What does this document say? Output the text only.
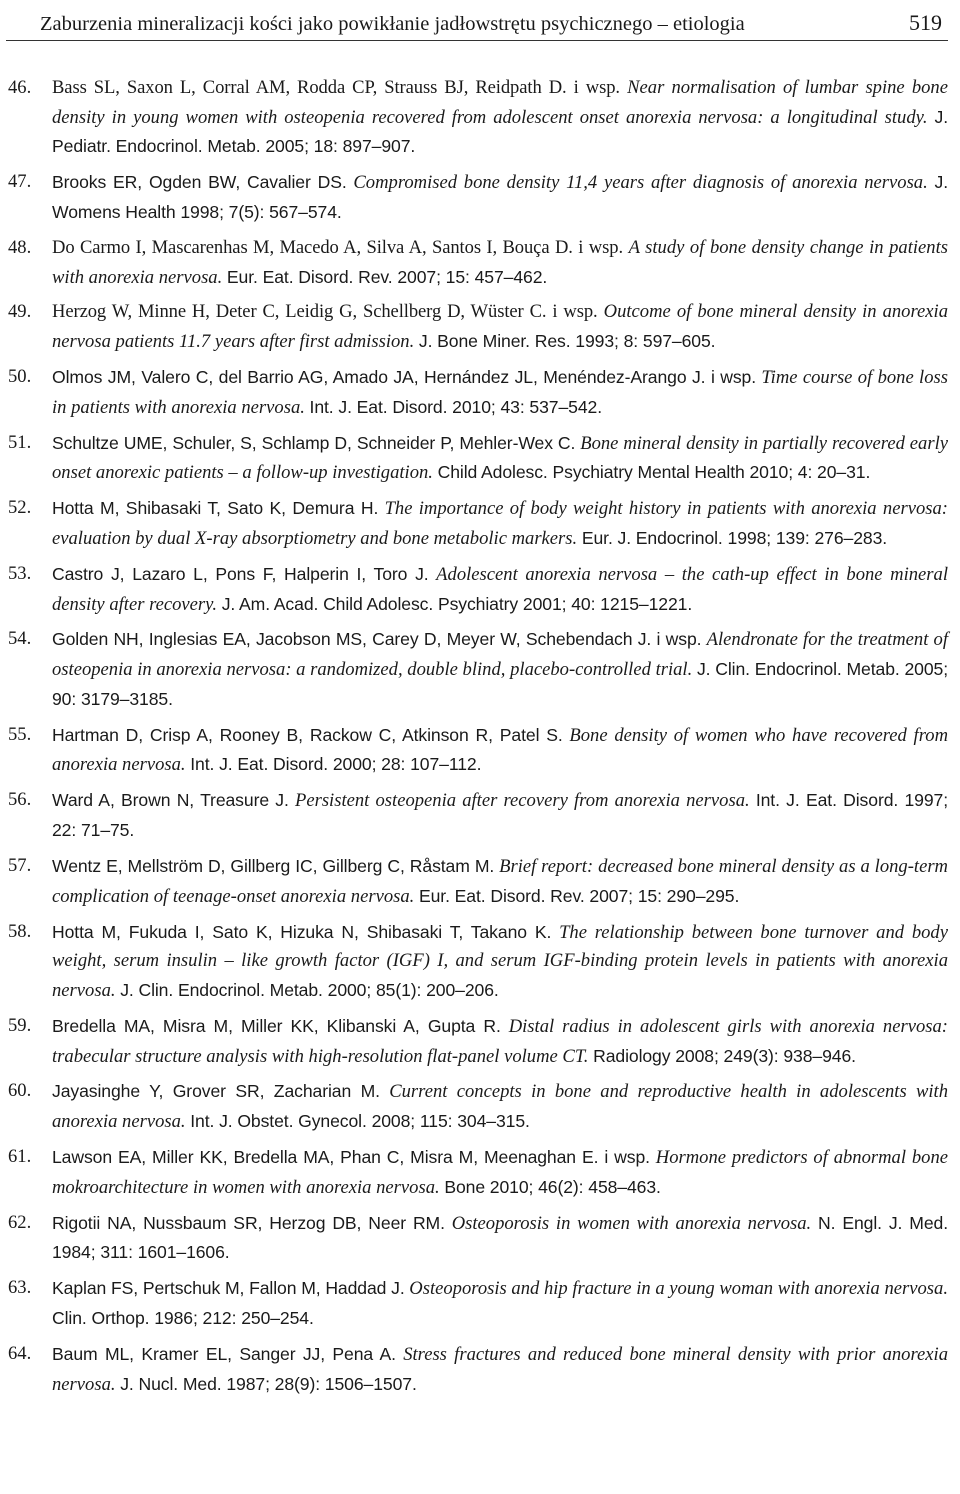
Zaburzenia mineralizacji kości jako powikłanie jadłowstrętu psychicznego – etiologia	519
46.	Bass SL, Saxon L, Corral AM, Rodda CP, Strauss BJ, Reidpath D. i wsp. Near normalisation of lumbar spine bone density in young women with osteopenia recovered from adolescent onset anorexia nervosa: a longitudinal study. J. Pediatr. Endocrinol. Metab. 2005; 18: 897–907.
47.	Brooks ER, Ogden BW, Cavalier DS. Compromised bone density 11,4 years after diagnosis of anorexia nervosa. J. Womens Health 1998; 7(5): 567–574.
48.	Do Carmo I, Mascarenhas M, Macedo A, Silva A, Santos I, Bouça D. i wsp. A study of bone density change in patients with anorexia nervosa. Eur. Eat. Disord. Rev. 2007; 15: 457–462.
49.	Herzog W, Minne H, Deter C, Leidig G, Schellberg D, Wüster C. i wsp. Outcome of bone mineral density in anorexia nervosa patients 11.7 years after first admission. J. Bone Miner. Res. 1993; 8: 597–605.
50.	Olmos JM, Valero C, del Barrio AG, Amado JA, Hernández JL, Menéndez-Arango J. i wsp. Time course of bone loss in patients with anorexia nervosa. Int. J. Eat. Disord. 2010; 43: 537–542.
51.	Schultze UME, Schuler, S, Schlamp D, Schneider P, Mehler-Wex C. Bone mineral density in partially recovered early onset anorexic patients – a follow-up investigation. Child Adolesc. Psychiatry Mental Health 2010; 4: 20–31.
52.	Hotta M, Shibasaki T, Sato K, Demura H. The importance of body weight history in patients with anorexia nervosa: evaluation by dual X-ray absorptiometry and bone metabolic markers. Eur. J. Endocrinol. 1998; 139: 276–283.
53.	Castro J, Lazaro L, Pons F, Halperin I, Toro J. Adolescent anorexia nervosa – the cath-up effect in bone mineral density after recovery. J. Am. Acad. Child Adolesc. Psychiatry 2001; 40: 1215–1221.
54.	Golden NH, Inglesias EA, Jacobson MS, Carey D, Meyer W, Schebendach J. i wsp. Alendronate for the treatment of osteopenia in anorexia nervosa: a randomized, double blind, placebo-controlled trial. J. Clin. Endocrinol. Metab. 2005; 90: 3179–3185.
55.	Hartman D, Crisp A, Rooney B, Rackow C, Atkinson R, Patel S. Bone density of women who have recovered from anorexia nervosa. Int. J. Eat. Disord. 2000; 28: 107–112.
56.	Ward A, Brown N, Treasure J. Persistent osteopenia after recovery from anorexia nervosa. Int. J. Eat. Disord. 1997; 22: 71–75.
57.	Wentz E, Mellström D, Gillberg IC, Gillberg C, Råstam M. Brief report: decreased bone mineral density as a long-term complication of teenage-onset anorexia nervosa. Eur. Eat. Disord. Rev. 2007; 15: 290–295.
58.	Hotta M, Fukuda I, Sato K, Hizuka N, Shibasaki T, Takano K. The relationship between bone turnover and body weight, serum insulin – like growth factor (IGF) I, and serum IGF-binding protein levels in patients with anorexia nervosa. J. Clin. Endocrinol. Metab. 2000; 85(1): 200–206.
59.	Bredella MA, Misra M, Miller KK, Klibanski A, Gupta R. Distal radius in adolescent girls with anorexia nervosa: trabecular structure analysis with high-resolution flat-panel volume CT. Radiology 2008; 249(3): 938–946.
60.	Jayasinghe Y, Grover SR, Zacharian M. Current concepts in bone and reproductive health in adolescents with anorexia nervosa. Int. J. Obstet. Gynecol. 2008; 115: 304–315.
61.	Lawson EA, Miller KK, Bredella MA, Phan C, Misra M, Meenaghan E. i wsp. Hormone predictors of abnormal bone mokroarchitecture in women with anorexia nervosa. Bone 2010; 46(2): 458–463.
62.	Rigotii NA, Nussbaum SR, Herzog DB, Neer RM. Osteoporosis in women with anorexia nervosa. N. Engl. J. Med. 1984; 311: 1601–1606.
63.	Kaplan FS, Pertschuk M, Fallon M, Haddad J. Osteoporosis and hip fracture in a young woman with anorexia nervosa. Clin. Orthop. 1986; 212: 250–254.
64.	Baum ML, Kramer EL, Sanger JJ, Pena A. Stress fractures and reduced bone mineral density with prior anorexia nervosa. J. Nucl. Med. 1987; 28(9): 1506–1507.
